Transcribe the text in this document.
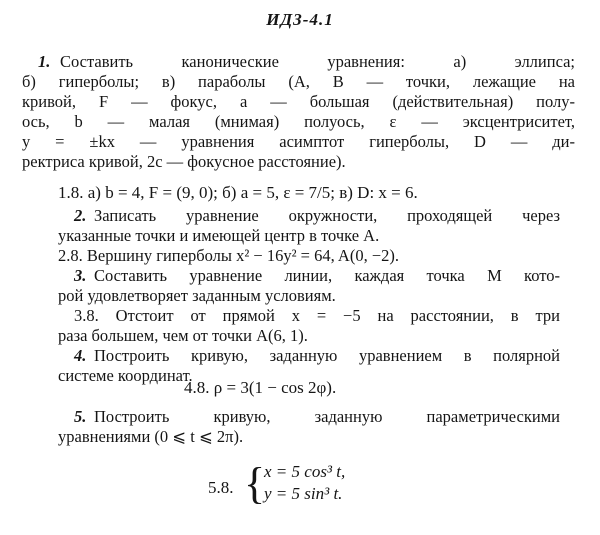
ИДЗ-4.1
1. Составить канонические уравнения: а) эллипса;
б) гиперболы; в) параболы (A, B — точки, лежащие на
кривой, F — фокус, a — большая (действительная) полу-
ось, b — малая (мнимая) полуось, ε — эксцентриситет,
y = ±kx — уравнения асимптот гиперболы, D — ди-
ректриса кривой, 2c — фокусное расстояние).
1.8. а) b = 4, F = (9, 0); б) a = 5, ε = 7/5; в) D: x = 6.
2. Записать уравнение окружности, проходящей через
указанные точки и имеющей центр в точке A.
2.8. Вершину гиперболы x² − 16y² = 64, A(0, −2).
3. Составить уравнение линии, каждая точка M кото-
рой удовлетворяет заданным условиям.
3.8. Отстоит от прямой x = −5 на расстоянии, в три
раза большем, чем от точки A(6, 1).
4. Построить кривую, заданную уравнением в полярной
системе координат.
4.8. ρ = 3(1 − cos 2φ).
5. Построить кривую, заданную параметрическими
уравнениями (0 ⩽ t ⩽ 2π).
5.8. {
x = 5 cos³ t,
y = 5 sin³ t.
